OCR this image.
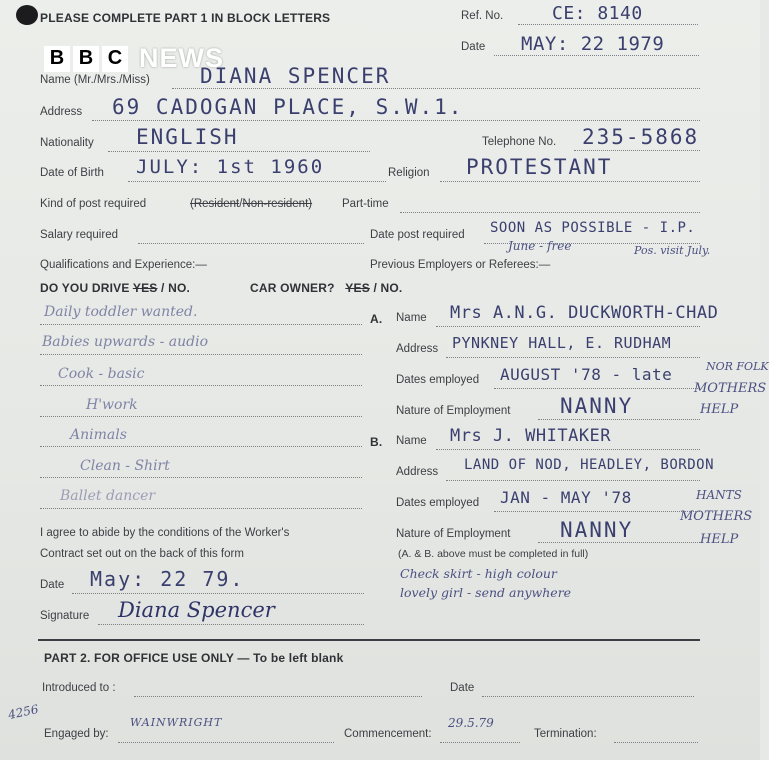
B B C NEWS
PLEASE COMPLETE PART 1 IN BLOCK LETTERS	Ref. No.	CE: 8140
Date MAY: 22 1979
Name (Mr./Mrs./Miss) DIANA SPENCER
Address 69 CADOGAN PLACE, S.W.1.
Nationality ENGLISH	Telephone No. 235-5868
Date of Birth JULY: 1st 1960	Religion PROTESTANT
Kind of post required	(Resident/Non-resident)	Part-time
Salary required	Date post required SOON AS POSSIBLE - I.P.
June - free	Pos. visit July.
Qualifications and Experience:—	Previous Employers or Referees:—
DO YOU DRIVE YES / NO.	CAR OWNER? YES / NO.
Daily toddler wanted.
Babies upwards - audio
Cook - basic
H'work
Animals
Clean - Shirt
Ballet dancer
A. Name Mrs A.N.G. DUCKWORTH-CHAD
Address PYNKNEY HALL, E. RUDHAM
NOR FOLK
Dates employed AUGUST '78 - late
Nature of Employment NANNY
MOTHERS
HELP
B. Name Mrs J. WHITAKER
Address LAND OF NOD, HEADLEY, BORDON
Dates employed JAN - MAY '78	HANTS
Nature of Employment NANNY
MOTHERS
HELP
I agree to abide by the conditions of the Worker's
Contract set out on the back of this form	(A. & B. above must be completed in full)
Date May: 22 79.
Signature Diana Spencer
Check skirt - high colour
lovely girl - send anywhere
PART 2. FOR OFFICE USE ONLY — To be left blank
Introduced to :	Date
4256
Engaged by:
WAINWRIGHT
Commencement:
29.5.79
Termination:
